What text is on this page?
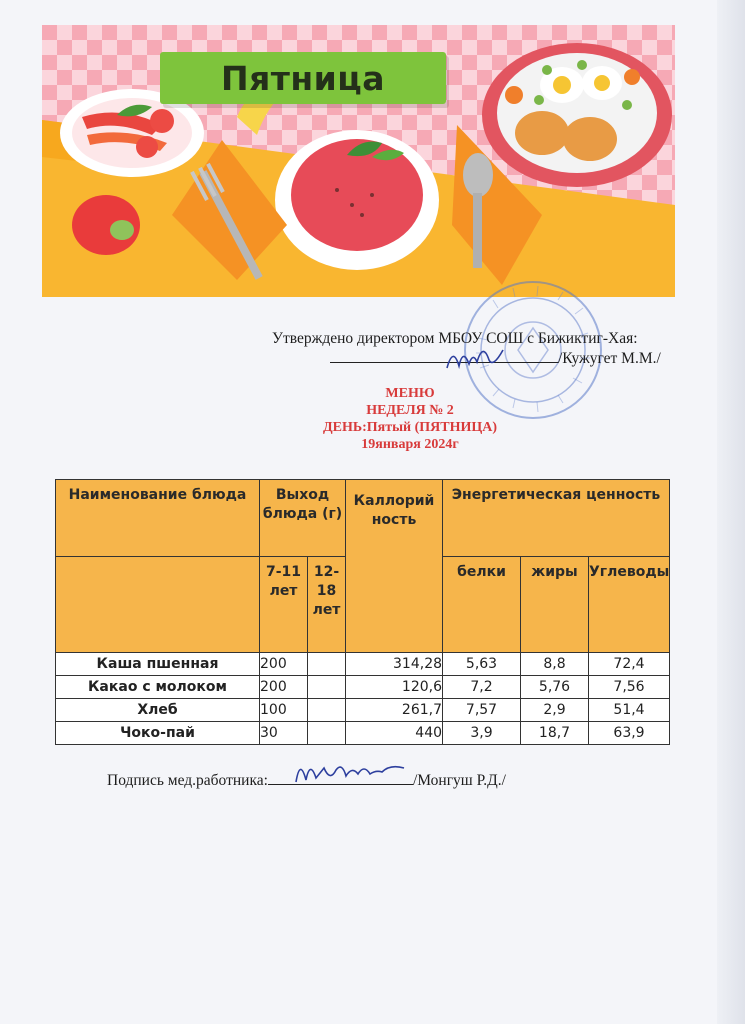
Пятница
Утверждено директором МБОУ СОШ с Бижиктиг-Хая:
/Кужугет М.М./
МЕНЮ
НЕДЕЛЯ № 2
ДЕНЬ:Пятый (ПЯТНИЦА)
19января 2024г
Наименование блюда	Выход блюда (г)		Каллорий ность	Энергетическая ценность		
	7-11 лет	12-18 лет		белки	жиры	Углеводы
Каша пшенная	200		314,28	5,63	8,8	72,4
Какао с молоком	200		120,6	7,2	5,76	7,56
Хлеб	100		261,7	7,57	2,9	51,4
Чоко-пай	30		440	3,9	18,7	63,9
Подпись мед.работника:	/Монгуш Р.Д./
